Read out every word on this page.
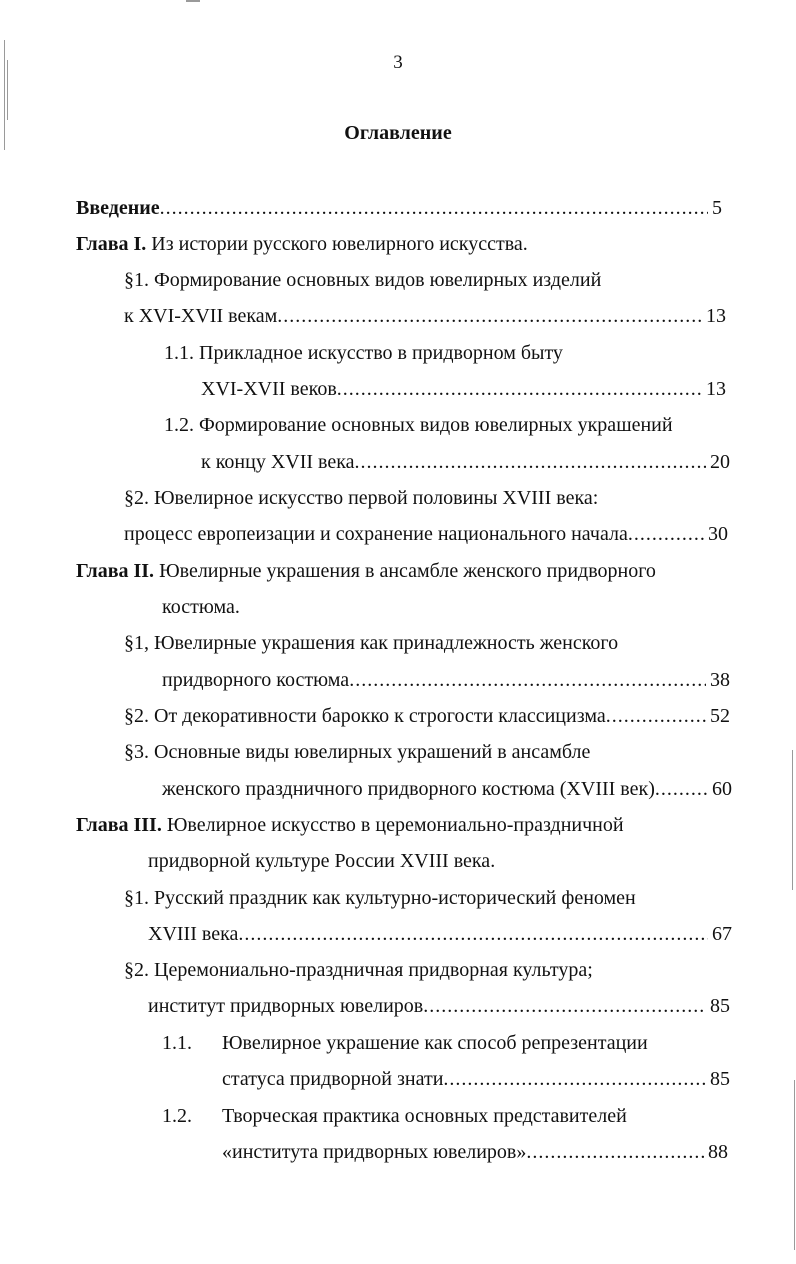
3
Оглавление
Введение .....	5
Глава I. Из истории русского ювелирного искусства.
§1. Формирование основных видов ювелирных изделий
к XVI-XVII векам .....	13
1.1. Прикладное искусство в придворном быту
XVI-XVII веков .....	13
1.2. Формирование основных видов ювелирных украшений
к концу XVII века .....	20
§2. Ювелирное искусство первой половины XVIII века:
процесс европеизации и сохранение национального начала .....	30
Глава II. Ювелирные украшения в ансамбле женского придворного
костюма.
§1, Ювелирные украшения как принадлежность женского
придворного костюма .....	38
§2. От декоративности барокко к строгости классицизма .....	52
§3. Основные виды ювелирных украшений в ансамбле
женского праздничного придворного костюма (XVIII век) .....	60
Глава III. Ювелирное искусство в церемониально-праздничной
придворной культуре России XVIII века.
§1. Русский праздник как культурно-исторический феномен
XVIII века .....	67
§2. Церемониально-праздничная придворная культура;
институт придворных ювелиров .....	85
1.1. Ювелирное украшение как способ репрезентации
статуса придворной знати .....	85
1.2. Творческая практика основных представителей
«института придворных ювелиров» .....	88
